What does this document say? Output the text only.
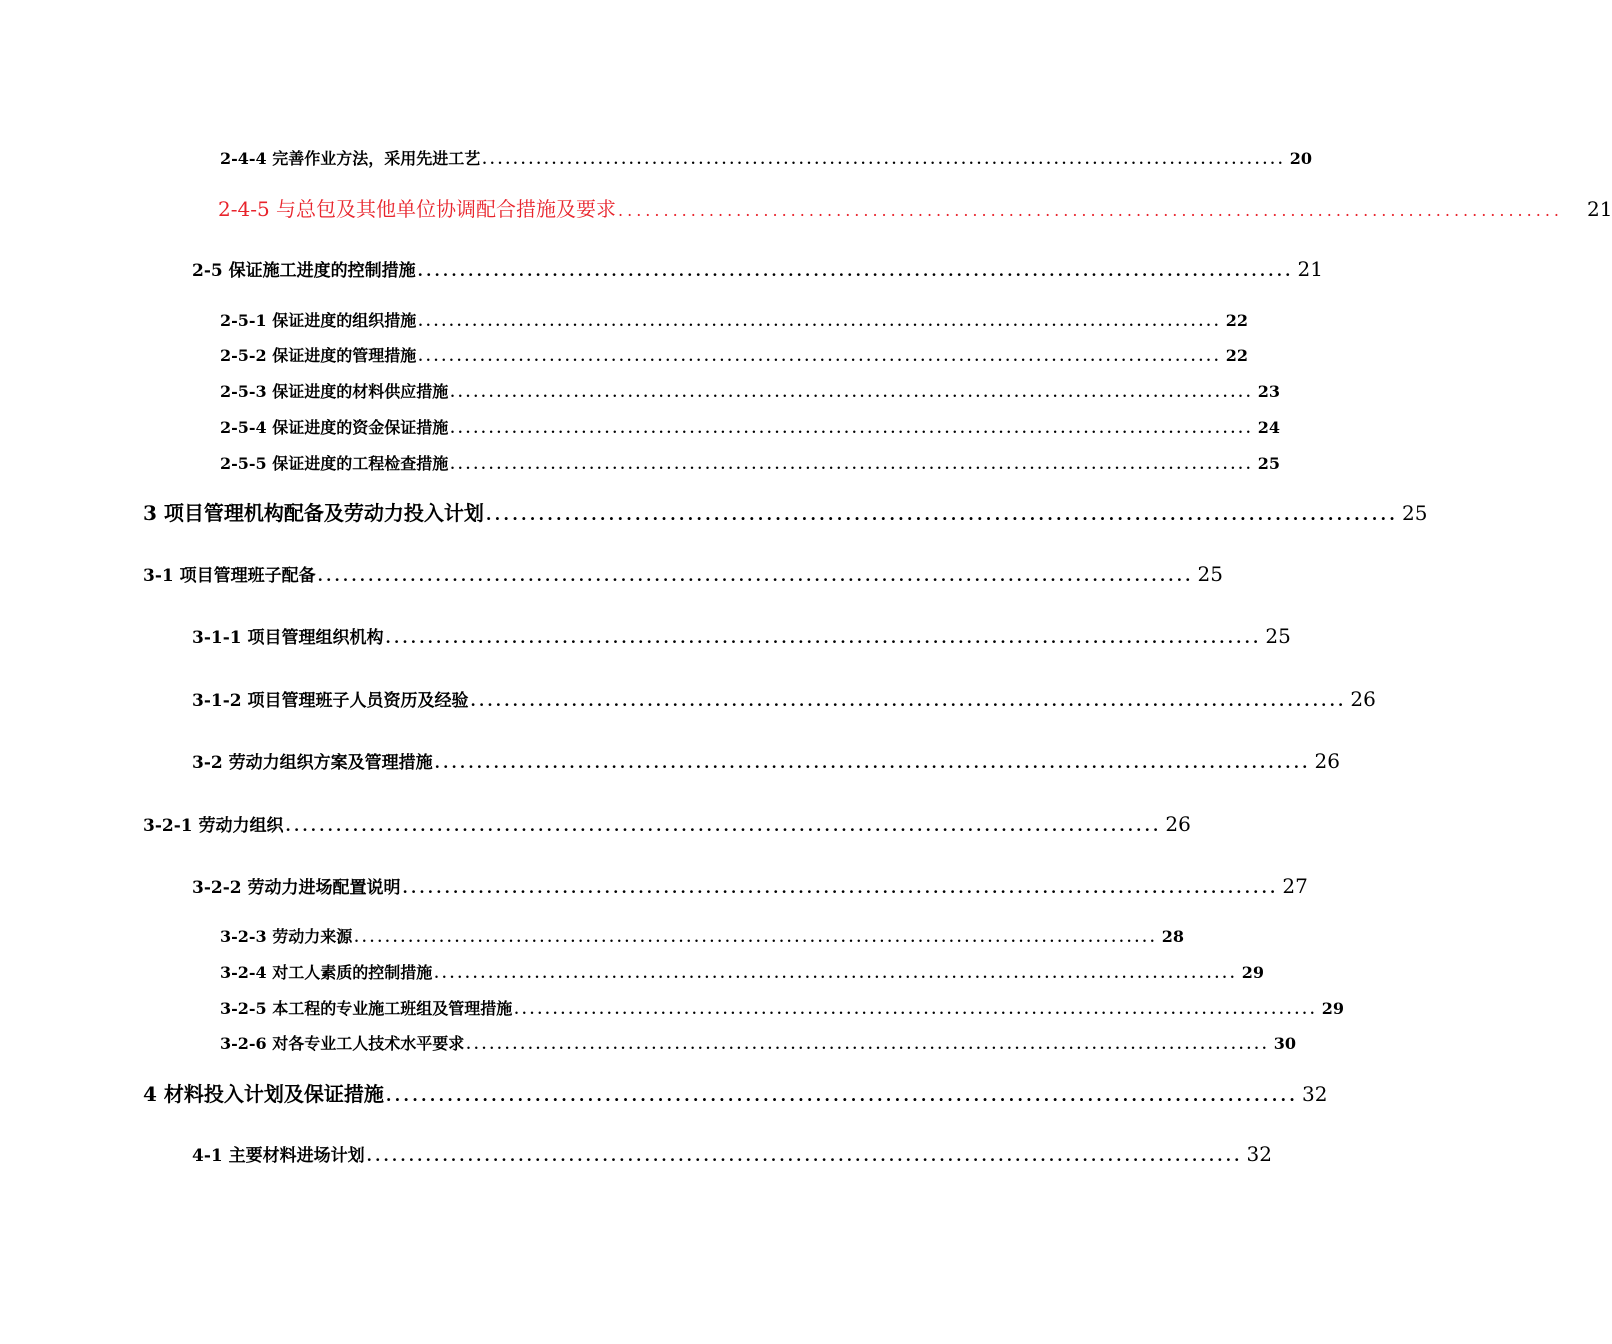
2-4-4 完善作业方法，采用先进工艺 ........................................................................................................ 20
2-4-5 与总包及其他单位协调配合措施及要求 ........................................................................................................ 21
2-5 保证施工进度的控制措施 ........................................................................................................ 21
2-5-1 保证进度的组织措施 ........................................................................................................ 22
2-5-2 保证进度的管理措施 ........................................................................................................ 22
2-5-3 保证进度的材料供应措施 ........................................................................................................ 23
2-5-4 保证进度的资金保证措施 ........................................................................................................ 24
2-5-5 保证进度的工程检查措施 ........................................................................................................ 25
3 项目管理机构配备及劳动力投入计划 ........................................................................................................ 25
3-1 项目管理班子配备 ........................................................................................................ 25
3-1-1 项目管理组织机构 ........................................................................................................ 25
3-1-2 项目管理班子人员资历及经验 ........................................................................................................ 26
3-2 劳动力组织方案及管理措施 ........................................................................................................ 26
3-2-1 劳动力组织 ........................................................................................................ 26
3-2-2 劳动力进场配置说明 ........................................................................................................ 27
3-2-3 劳动力来源 ........................................................................................................ 28
3-2-4 对工人素质的控制措施 ........................................................................................................ 29
3-2-5 本工程的专业施工班组及管理措施 ........................................................................................................ 29
3-2-6 对各专业工人技术水平要求 ........................................................................................................ 30
4 材料投入计划及保证措施 ........................................................................................................ 32
4-1 主要材料进场计划 ........................................................................................................ 32
